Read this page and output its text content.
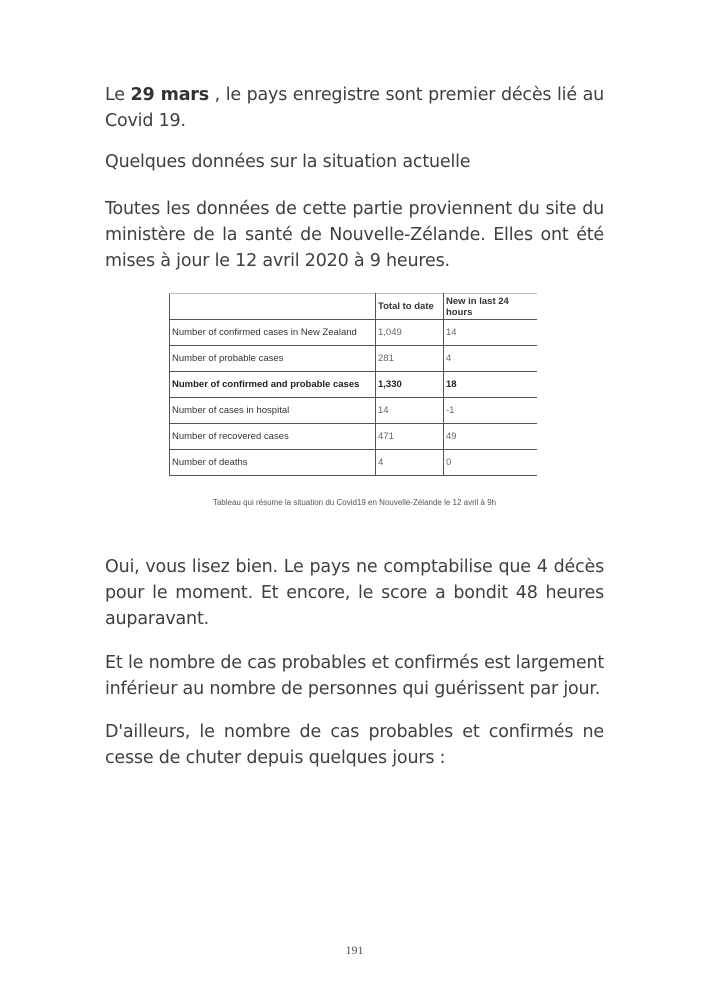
Le 29 mars , le pays enregistre sont premier décès lié au Covid 19.

Quelques données sur la situation actuelle

Toutes les données de cette partie proviennent du site du ministère de la santé de Nouvelle-Zélande. Elles ont été mises à jour le 12 avril 2020 à 9 heures.

	Total to date	New in last 24 hours
Number of confirmed cases in New Zealand	1,049	14
Number of probable cases	281	4
Number of confirmed and probable cases	1,330	18
Number of cases in hospital	14	-1
Number of recovered cases	471	49
Number of deaths	4	0
Tableau qui résume la situation du Covid19 en Nouvelle-Zélande le 12 avril à 9h

Oui, vous lisez bien. Le pays ne comptabilise que 4 décès pour le moment. Et encore, le score a bondit 48 heures auparavant.

Et le nombre de cas probables et confirmés est largement inférieur au nombre de personnes qui guérissent par jour.

D'ailleurs, le nombre de cas probables et confirmés ne cesse de chuter depuis quelques jours :

191
